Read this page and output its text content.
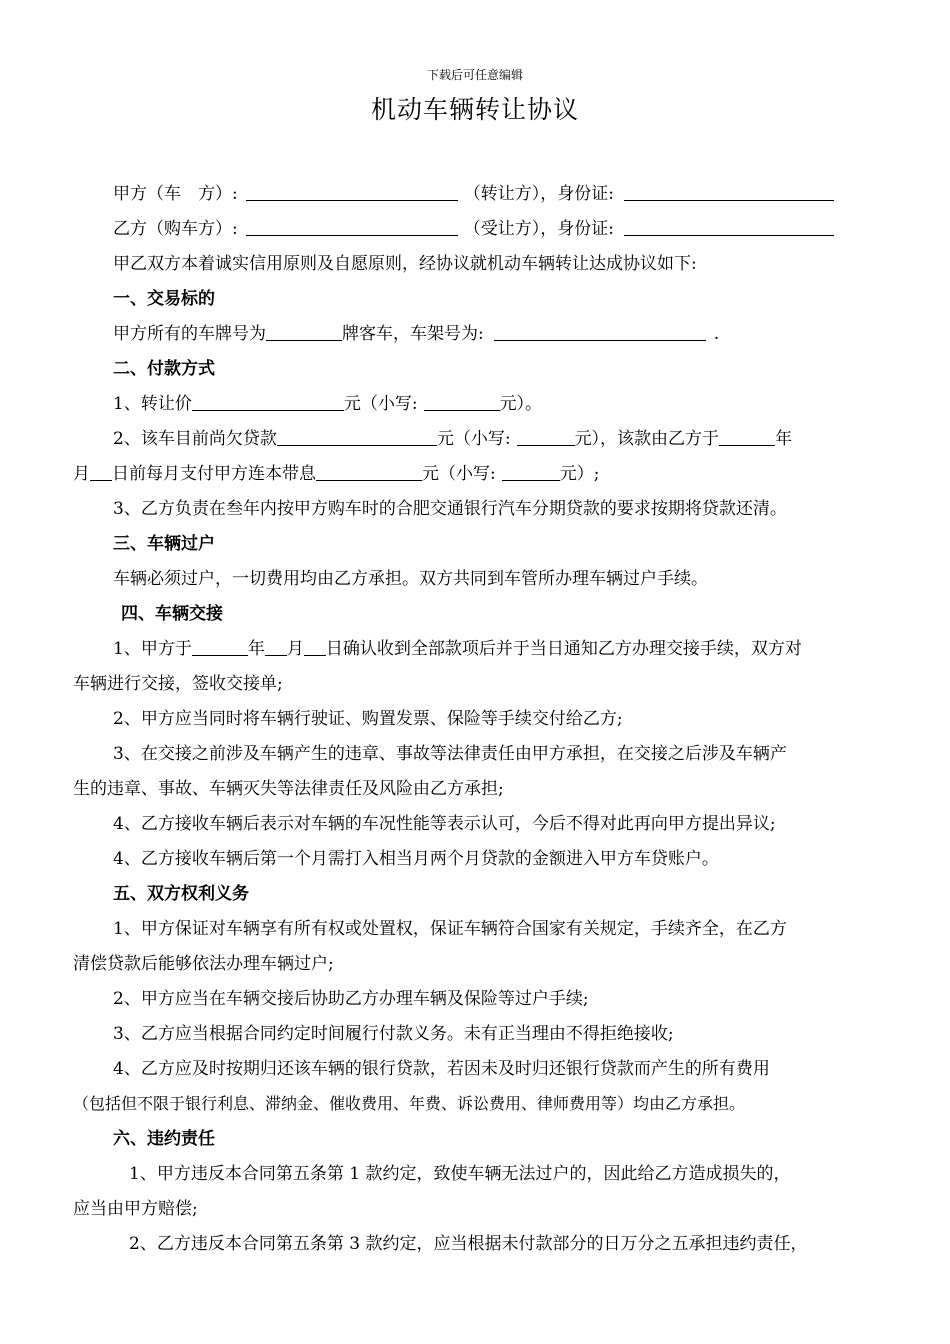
下载后可任意编辑
机动车辆转让协议
甲方（车　方）:	（转让方），身份证:
乙方（购车方）:	（受让方），身份证:
甲乙双方本着诚实信用原则及自愿原则，经协议就机动车辆转让达成协议如下:
一、交易标的
甲方所有的车牌号为	牌客车，车架号为:	.
二、付款方式
1、转让价	元（小写:	元）。
2、该车目前尚欠贷款	元（小写:	元），该款由乙方于	年
月 日前每月支付甲方连本带息	元（小写:	元）;
3、乙方负责在叁年内按甲方购车时的合肥交通银行汽车分期贷款的要求按期将贷款还清。
三、车辆过户
车辆必须过户，一切费用均由乙方承担。双方共同到车管所办理车辆过户手续。
四、车辆交接
1、甲方于	年 月 日确认收到全部款项后并于当日通知乙方办理交接手续，双方对
车辆进行交接，签收交接单;
2、甲方应当同时将车辆行驶证、购置发票、保险等手续交付给乙方;
3、在交接之前涉及车辆产生的违章、事故等法律责任由甲方承担，在交接之后涉及车辆产
生的违章、事故、车辆灭失等法律责任及风险由乙方承担;
4、乙方接收车辆后表示对车辆的车况性能等表示认可，今后不得对此再向甲方提出异议;
4、乙方接收车辆后第一个月需打入相当月两个月贷款的金额进入甲方车贷账户。
五、双方权利义务
1、甲方保证对车辆享有所有权或处置权，保证车辆符合国家有关规定，手续齐全，在乙方
清偿贷款后能够依法办理车辆过户;
2、甲方应当在车辆交接后协助乙方办理车辆及保险等过户手续;
3、乙方应当根据合同约定时间履行付款义务。未有正当理由不得拒绝接收;
4、乙方应及时按期归还该车辆的银行贷款，若因未及时归还银行贷款而产生的所有费用
（包括但不限于银行利息、滞纳金、催收费用、年费、诉讼费用、律师费用等）均由乙方承担。
六、违约责任
1、甲方违反本合同第五条第 1 款约定，致使车辆无法过户的，因此给乙方造成损失的，
应当由甲方赔偿;
2、乙方违反本合同第五条第 3 款约定，应当根据未付款部分的日万分之五承担违约责任，
